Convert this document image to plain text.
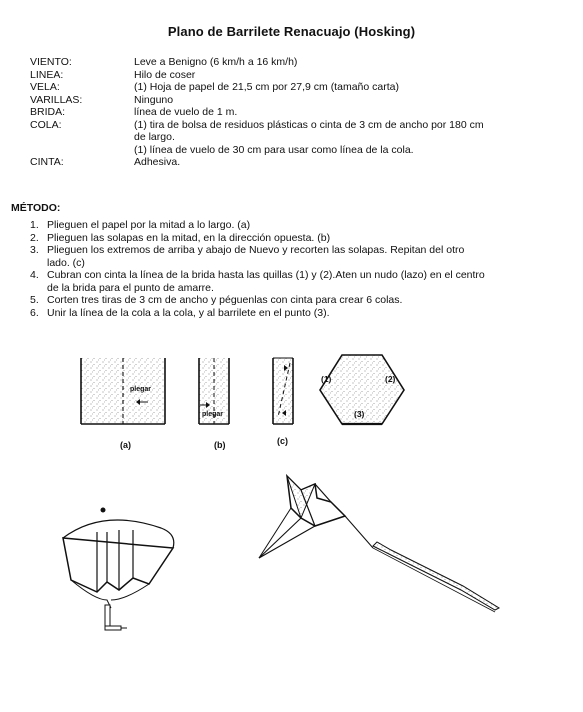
Plano de Barrilete Renacuajo (Hosking)
VIENTO:	Leve a Benigno (6 km/h a 16 km/h)
LINEA:	Hilo de coser
VELA:	(1) Hoja de papel de 21,5 cm por 27,9 cm (tamaño carta)
VARILLAS:	Ninguno
BRIDA:	línea de vuelo de 1 m.
COLA:	(1) tira de bolsa de residuos plásticas o cinta de 3 cm de ancho por 180 cm
de largo.
(1) línea de vuelo de 30 cm para usar como línea de la cola.
CINTA:	Adhesiva.
MÉTODO:
1. Plieguen el papel por la mitad a lo largo. (a)
2. Plieguen las solapas en la mitad, en la dirección opuesta. (b)
3. Plieguen los extremos de arriba y abajo de Nuevo y recorten las solapas. Repitan del otro
lado. (c)
4. Cubran con cinta la línea de la brida hasta las quillas (1) y (2).Aten un nudo (lazo) en el centro
de la brida para el punto de amarre.
5. Corten tres tiras de 3 cm de ancho y péguenlas con cinta para crear 6 colas.
6. Unir la línea de la cola a la cola, y al barrilete en el punto (3).
plegar
(a)
plegar
(b)	(c)
(1)	(2)
(3)
